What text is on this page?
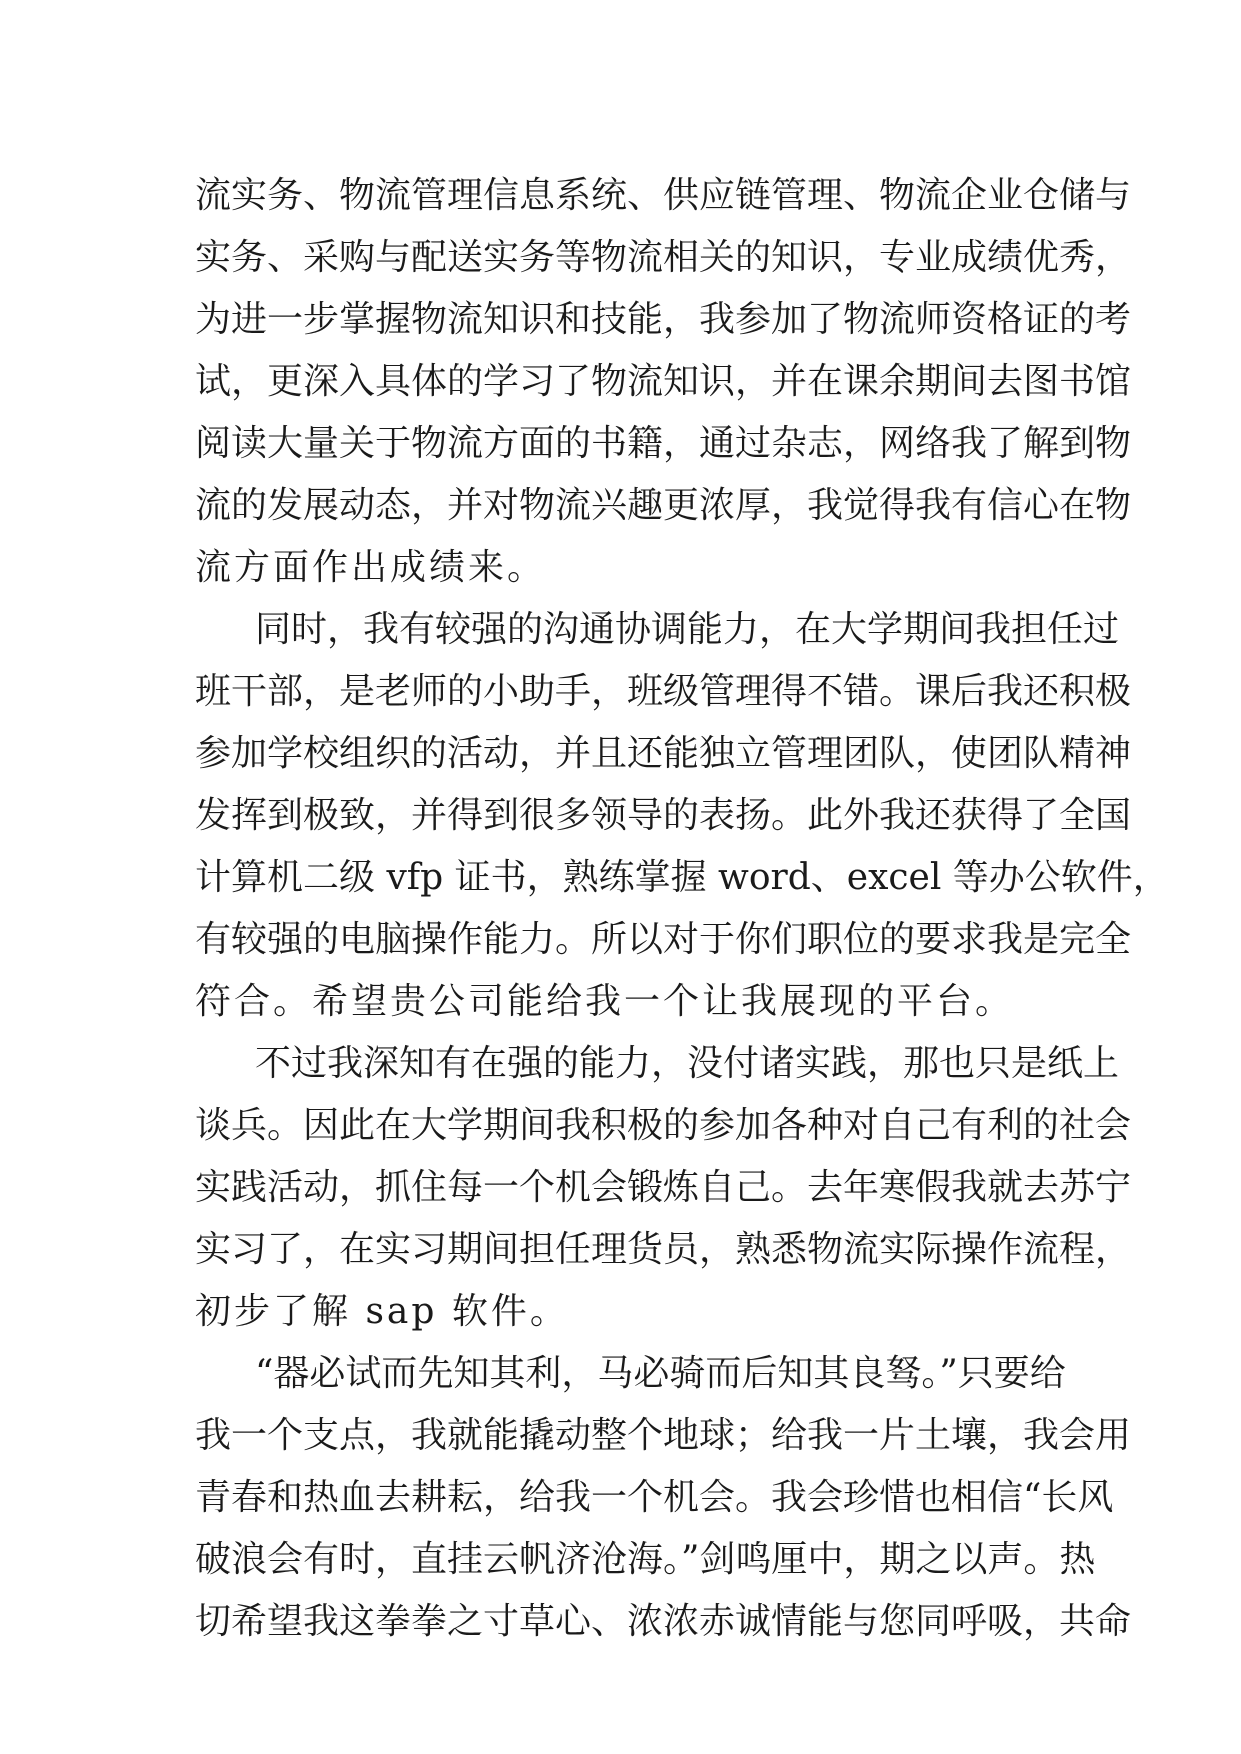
流实务、物流管理信息系统、供应链管理、物流企业仓储与
实务、采购与配送实务等物流相关的知识，专业成绩优秀，
为进一步掌握物流知识和技能，我参加了物流师资格证的考
试，更深入具体的学习了物流知识，并在课余期间去图书馆
阅读大量关于物流方面的书籍，通过杂志，网络我了解到物
流的发展动态，并对物流兴趣更浓厚，我觉得我有信心在物
流方面作出成绩来。
同时，我有较强的沟通协调能力，在大学期间我担任过
班干部，是老师的小助手，班级管理得不错。课后我还积极
参加学校组织的活动，并且还能独立管理团队，使团队精神
发挥到极致，并得到很多领导的表扬。此外我还获得了全国
计算机二级 vfp 证书，熟练掌握 word、excel 等办公软件，
有较强的电脑操作能力。所以对于你们职位的要求我是完全
符合。希望贵公司能给我一个让我展现的平台。
不过我深知有在强的能力，没付诸实践，那也只是纸上
谈兵。因此在大学期间我积极的参加各种对自己有利的社会
实践活动，抓住每一个机会锻炼自己。去年寒假我就去苏宁
实习了，在实习期间担任理货员，熟悉物流实际操作流程，
初步了解 sap 软件。
“器必试而先知其利，马必骑而后知其良驽。”只要给
我一个支点，我就能撬动整个地球；给我一片土壤，我会用
青春和热血去耕耘，给我一个机会。我会珍惜也相信“长风
破浪会有时，直挂云帆济沧海。”剑鸣厘中，期之以声。热
切希望我这拳拳之寸草心、浓浓赤诚情能与您同呼吸，共命
